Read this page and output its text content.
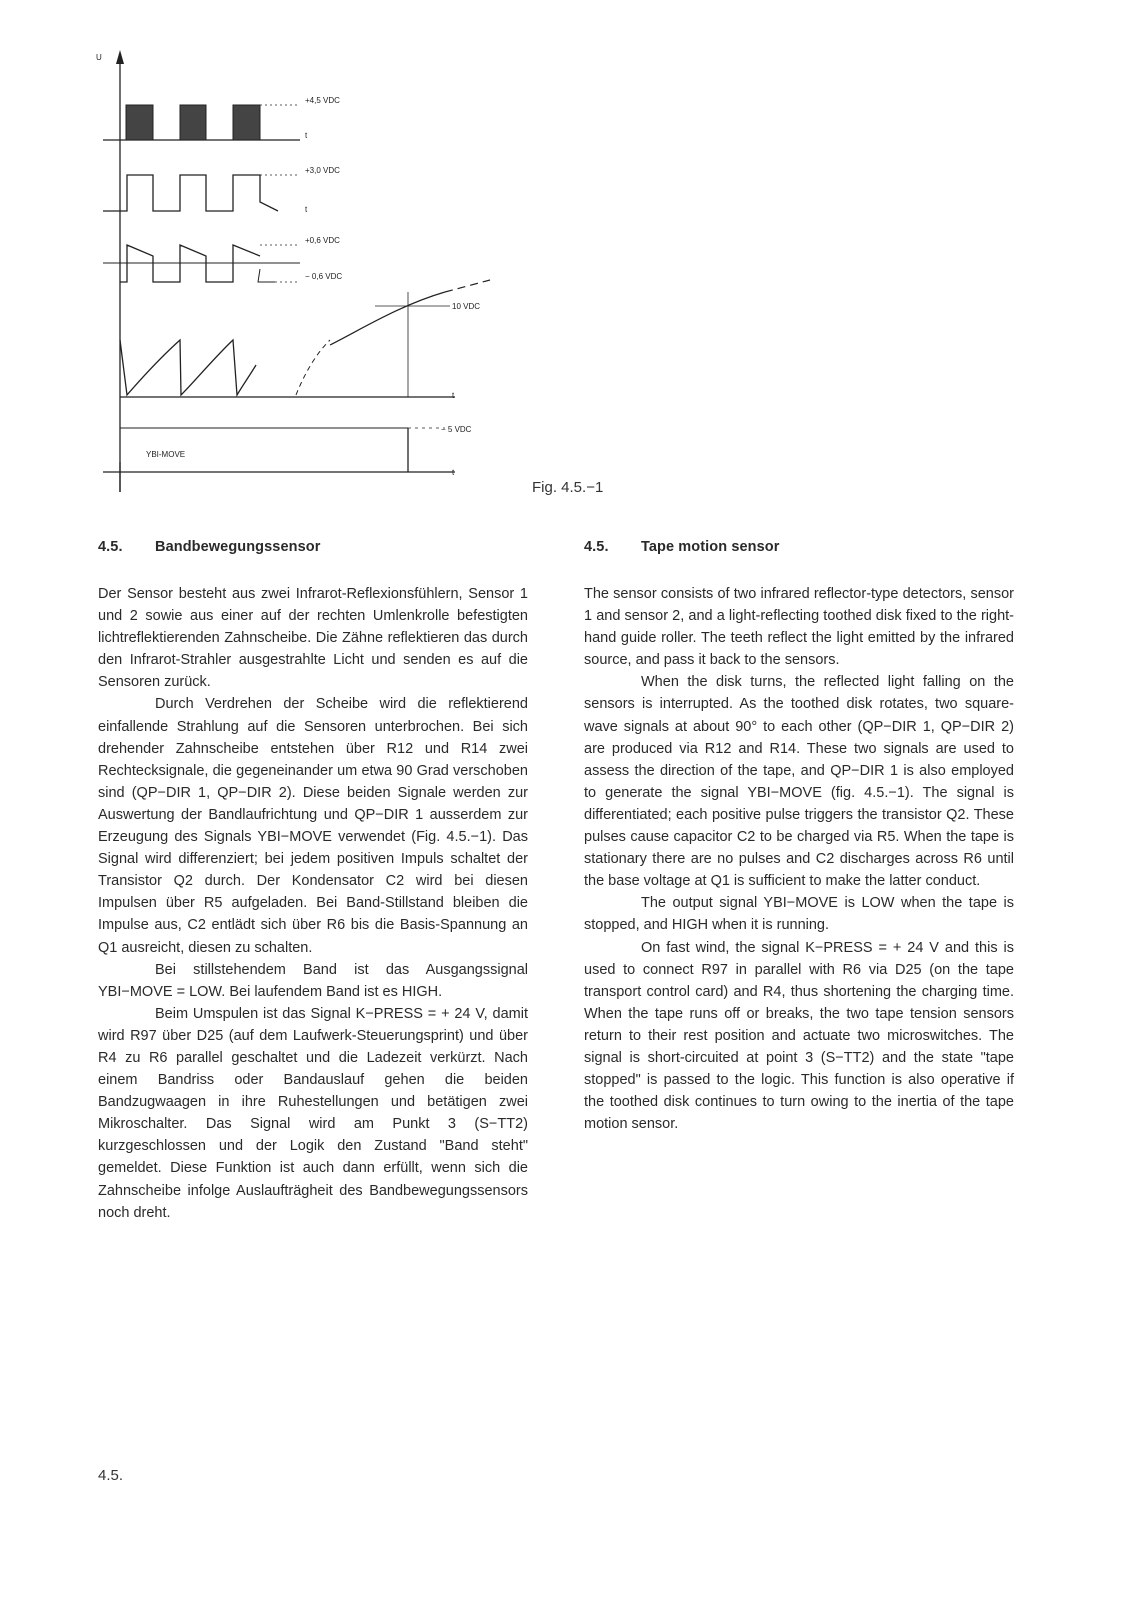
U
+4,5 VDC
t
+3,0 VDC
t
+0,6 VDC
− 0,6 VDC
10 VDC
t
− 5 VDC
YBI-MOVE
t
Fig. 4.5.−1
4.5. Bandbewegungssensor

Der Sensor besteht aus zwei Infrarot-Reflexionsfühlern, Sensor 1 und 2 sowie aus einer auf der rechten Umlenkrolle befestigten lichtreflektierenden Zahnscheibe. Die Zähne reflektieren das durch den Infrarot-Strahler ausgestrahlte Licht und senden es auf die Sensoren zurück.

Durch Verdrehen der Scheibe wird die reflektierend einfallende Strahlung auf die Sensoren unterbrochen. Bei sich drehender Zahnscheibe entstehen über R12 und R14 zwei Rechtecksignale, die gegeneinander um etwa 90 Grad verschoben sind (QP−DIR 1, QP−DIR 2). Diese beiden Signale werden zur Auswertung der Bandlaufrichtung und QP−DIR 1 ausserdem zur Erzeugung des Signals YBI−MOVE verwendet (Fig. 4.5.−1). Das Signal wird differenziert; bei jedem positiven Impuls schaltet der Transistor Q2 durch. Der Kondensator C2 wird bei diesen Impulsen über R5 aufgeladen. Bei Band-Stillstand bleiben die Impulse aus, C2 entlädt sich über R6 bis die Basis-Spannung an Q1 ausreicht, diesen zu schalten.

Bei stillstehendem Band ist das Ausgangssignal YBI−MOVE = LOW. Bei laufendem Band ist es HIGH.

Beim Umspulen ist das Signal K−PRESS = + 24 V, damit wird R97 über D25 (auf dem Laufwerk-Steuerungsprint) und über R4 zu R6 parallel geschaltet und die Ladezeit verkürzt. Nach einem Bandriss oder Bandauslauf gehen die beiden Bandzugwaagen in ihre Ruhestellungen und betätigen zwei Mikroschalter. Das Signal wird am Punkt 3 (S−TT2) kurzgeschlossen und der Logik den Zustand "Band steht" gemeldet. Diese Funktion ist auch dann erfüllt, wenn sich die Zahnscheibe infolge Auslaufträgheit des Bandbewegungssensors noch dreht.

4.5. Tape motion sensor

The sensor consists of two infrared reflector-type detectors, sensor 1 and sensor 2, and a light-reflecting toothed disk fixed to the right-hand guide roller. The teeth reflect the light emitted by the infrared source, and pass it back to the sensors.

When the disk turns, the reflected light falling on the sensors is interrupted. As the toothed disk rotates, two square-wave signals at about 90° to each other (QP−DIR 1, QP−DIR 2) are produced via R12 and R14. These two signals are used to assess the direction of the tape, and QP−DIR 1 is also employed to generate the signal YBI−MOVE (fig. 4.5.−1). The signal is differentiated; each positive pulse triggers the transistor Q2. These pulses cause capacitor C2 to be charged via R5. When the tape is stationary there are no pulses and C2 discharges across R6 until the base voltage at Q1 is sufficient to make the latter conduct.

The output signal YBI−MOVE is LOW when the tape is stopped, and HIGH when it is running.

On fast wind, the signal K−PRESS = + 24 V and this is used to connect R97 in parallel with R6 via D25 (on the tape transport control card) and R4, thus shortening the charging time. When the tape runs off or breaks, the two tape tension sensors return to their rest position and actuate two microswitches. The signal is short-circuited at point 3 (S−TT2) and the state "tape stopped" is passed to the logic. This function is also operative if the toothed disk continues to turn owing to the inertia of the tape motion sensor.

4.5.
